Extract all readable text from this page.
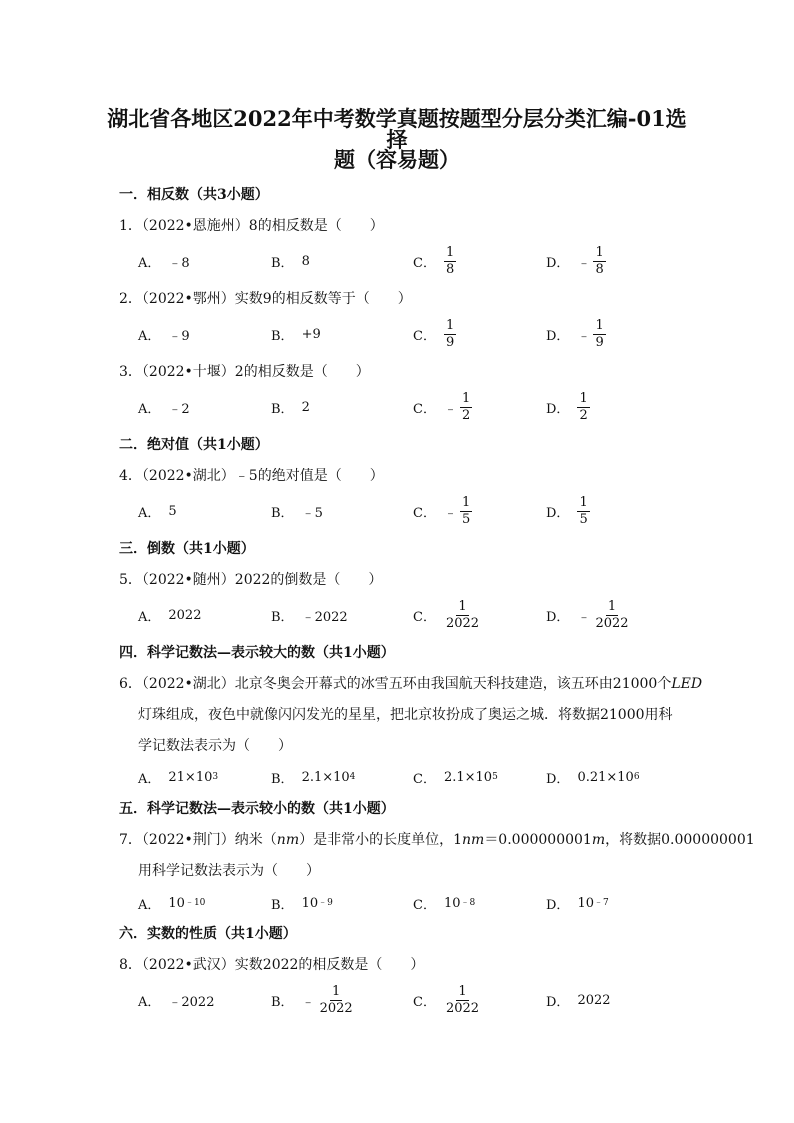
湖北省各地区2022年中考数学真题按题型分层分类汇编-01选择
题（容易题）
一．相反数（共3小题）
1．（2022•恩施州）8的相反数是（　　）
A． ﹣8	B． 8	C． $\frac{1}{8}$	D． ﹣ $\frac{1}{8}$
2．（2022•鄂州）实数9的相反数等于（　　）
A． ﹣9	B． +9	C． $\frac{1}{9}$	D． ﹣ $\frac{1}{9}$
3．（2022•十堰）2的相反数是（　　）
A． ﹣2	B． 2	C． ﹣ $\frac{1}{2}$	D． $\frac{1}{2}$
二．绝对值（共1小题）
4．（2022•湖北）﹣5的绝对值是（　　）
A． 5	B． ﹣5	C． ﹣ $\frac{1}{5}$	D． $\frac{1}{5}$
三．倒数（共1小题）
5．（2022•随州）2022的倒数是（　　）
A． 2022	B． ﹣2022	C． $\frac{1}{2022}$	D． ﹣ $\frac{1}{2022}$
四．科学记数法—表示较大的数（共1小题）
6．（2022•湖北）北京冬奥会开幕式的冰雪五环由我国航天科技建造，该五环由21000个LED
灯珠组成，夜色中就像闪闪发光的星星，把北京妆扮成了奥运之城．将数据21000用科
学记数法表示为（　　）
A． 21×10 3	B． 2.1×10 4	C． 2.1×10 5	D． 0.21×10 6
五．科学记数法—表示较小的数（共1小题）
7．（2022•荆门）纳米（nm）是非常小的长度单位，1nm＝0.000000001m，将数据0.000000001
用科学记数法表示为（　　）
A． 10 ﹣10	B． 10 ﹣9	C． 10 ﹣8	D． 10 ﹣7
六．实数的性质（共1小题）
8．（2022•武汉）实数2022的相反数是（　　）
A． ﹣2022	B． ﹣ $\frac{1}{2022}$	C． $\frac{1}{2022}$	D． 2022
